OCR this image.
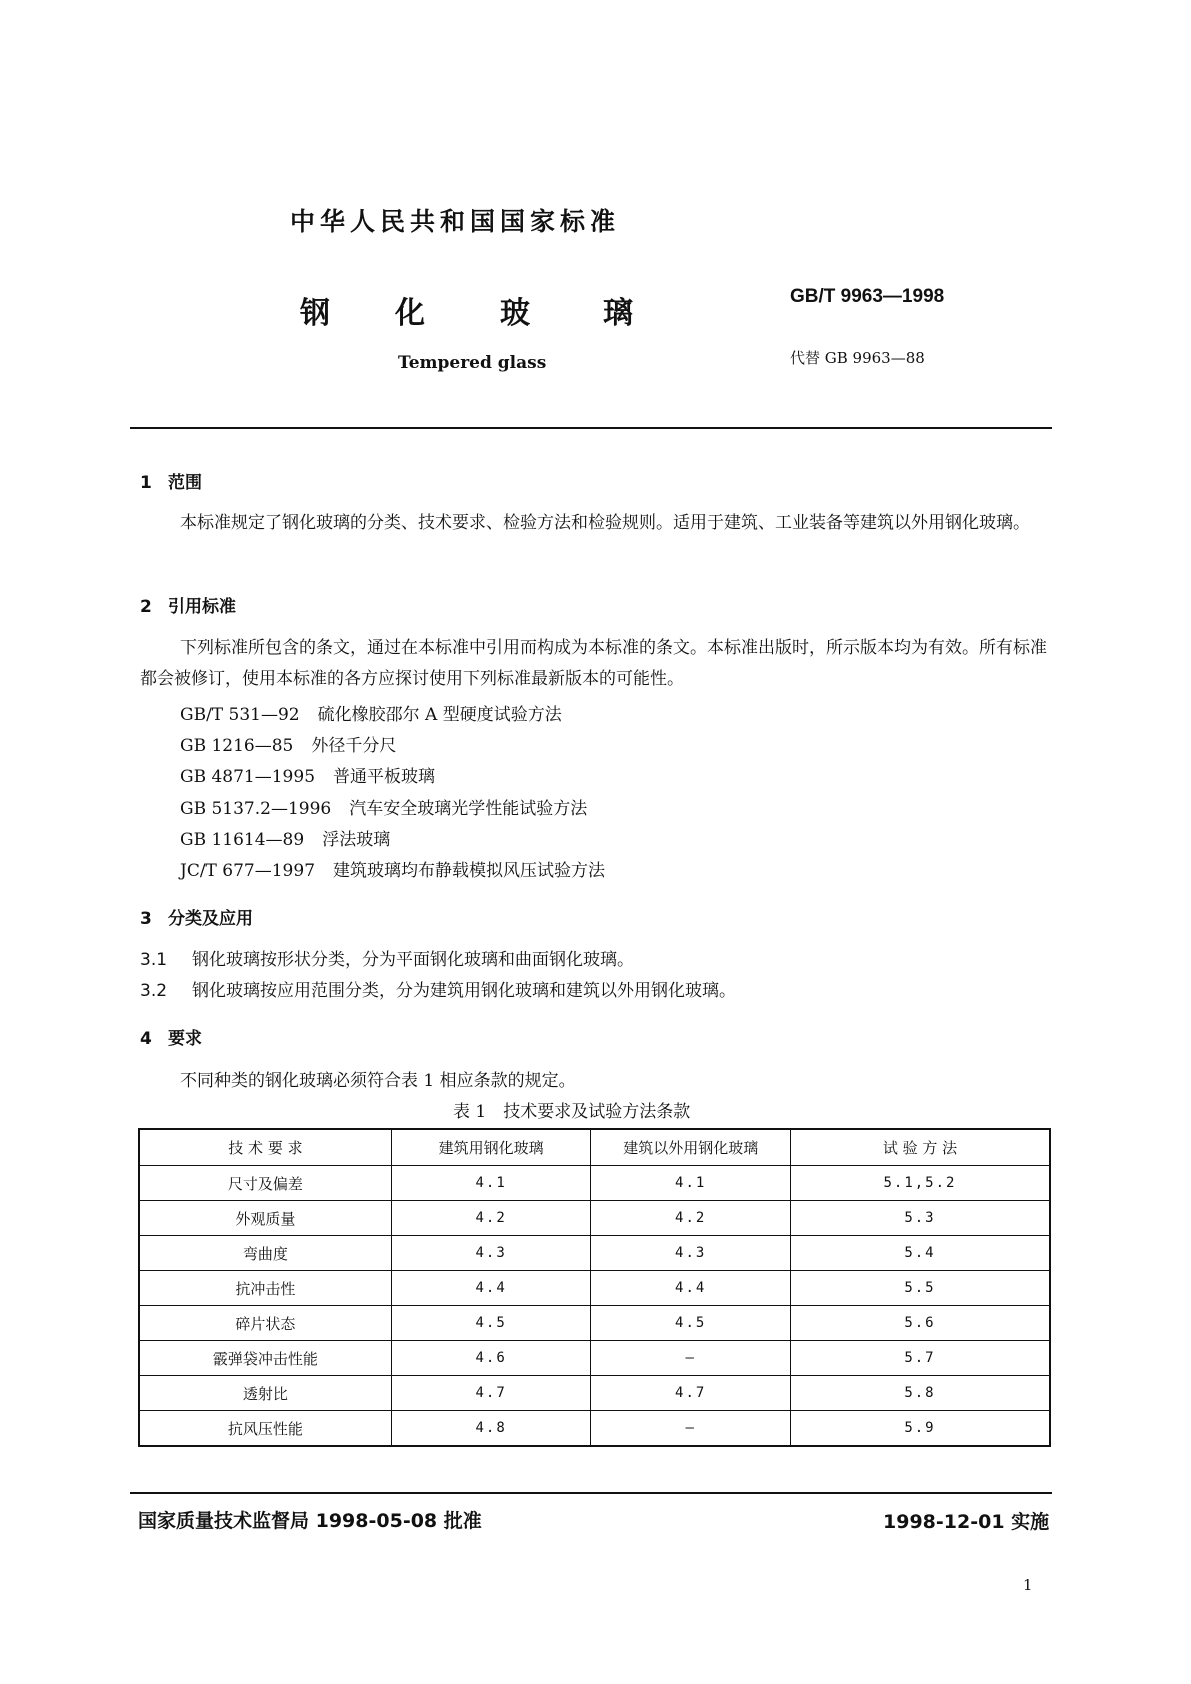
中华人民共和国国家标准
钢 化	玻 璃
Tempered glass
GB/T 9963—1998
代替 GB 9963—88
1 范围
本标准规定了钢化玻璃的分类、技术要求、检验方法和检验规则。适用于建筑、工业装备等建筑以外用钢化玻璃。
2 引用标准
下列标准所包含的条文，通过在本标准中引用而构成为本标准的条文。本标准出版时，所示版本均为有效。所有标准都会被修订，使用本标准的各方应探讨使用下列标准最新版本的可能性。
GB/T 531—92 硫化橡胶邵尔 A 型硬度试验方法
GB 1216—85 外径千分尺
GB 4871—1995 普通平板玻璃
GB 5137.2—1996 汽车安全玻璃光学性能试验方法
GB 11614—89 浮法玻璃
JC/T 677—1997 建筑玻璃均布静载模拟风压试验方法
3 分类及应用
3.1 钢化玻璃按形状分类，分为平面钢化玻璃和曲面钢化玻璃。
3.2 钢化玻璃按应用范围分类，分为建筑用钢化玻璃和建筑以外用钢化玻璃。
4 要求
不同种类的钢化玻璃必须符合表 1 相应条款的规定。
表 1　技术要求及试验方法条款
技 术 要 求	建筑用钢化玻璃	建筑以外用钢化玻璃	试 验 方 法
尺寸及偏差	4.1	4.1	5.1,5.2
外观质量	4.2	4.2	5.3
弯曲度	4.3	4.3	5.4
抗冲击性	4.4	4.4	5.5
碎片状态	4.5	4.5	5.6
霰弹袋冲击性能	4.6	—	5.7
透射比	4.7	4.7	5.8
抗风压性能	4.8	—	5.9
国家质量技术监督局 1998-05-08 批准	1998-12-01 实施
1
